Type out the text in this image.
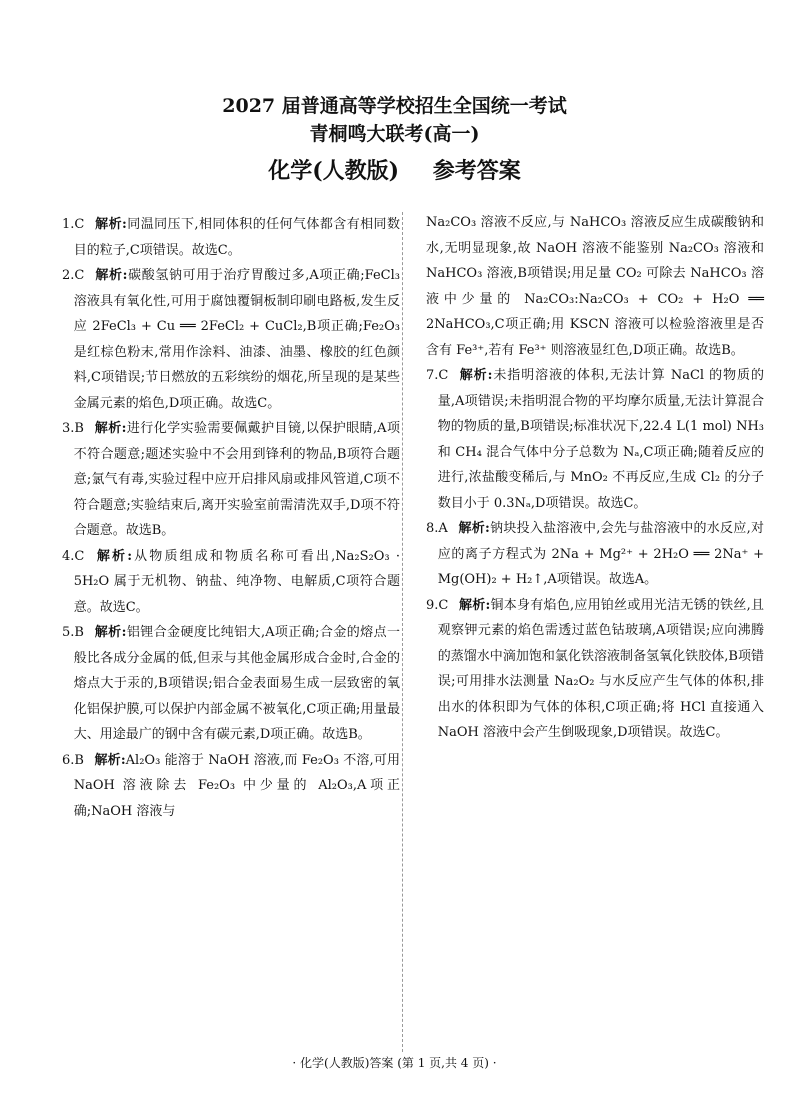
2027 届普通高等学校招生全国统一考试
青桐鸣大联考(高一)
化学(人教版) 参考答案

1.C 解析:同温同压下,相同体积的任何气体都含有相同数目的粒子,C项错误。故选C。

2.C 解析:碳酸氢钠可用于治疗胃酸过多,A项正确;FeCl₃ 溶液具有氧化性,可用于腐蚀覆铜板制印刷电路板,发生反应 2FeCl₃ + Cu ══ 2FeCl₂ + CuCl₂,B项正确;Fe₂O₃ 是红棕色粉末,常用作涂料、油漆、油墨、橡胶的红色颜料,C项错误;节日燃放的五彩缤纷的烟花,所呈现的是某些金属元素的焰色,D项正确。故选C。

3.B 解析:进行化学实验需要佩戴护目镜,以保护眼睛,A项不符合题意;题述实验中不会用到锋利的物品,B项符合题意;氯气有毒,实验过程中应开启排风扇或排风管道,C项不符合题意;实验结束后,离开实验室前需清洗双手,D项不符合题意。故选B。

4.C 解析:从物质组成和物质名称可看出,Na₂S₂O₃ · 5H₂O 属于无机物、钠盐、纯净物、电解质,C项符合题意。故选C。

5.B 解析:铝锂合金硬度比纯铝大,A项正确;合金的熔点一般比各成分金属的低,但汞与其他金属形成合金时,合金的熔点大于汞的,B项错误;铝合金表面易生成一层致密的氧化铝保护膜,可以保护内部金属不被氧化,C项正确;用量最大、用途最广的钢中含有碳元素,D项正确。故选B。

6.B 解析:Al₂O₃ 能溶于 NaOH 溶液,而 Fe₂O₃ 不溶,可用 NaOH 溶液除去 Fe₂O₃ 中少量的 Al₂O₃,A项正确;NaOH 溶液与

Na₂CO₃ 溶液不反应,与 NaHCO₃ 溶液反应生成碳酸钠和水,无明显现象,故 NaOH 溶液不能鉴别 Na₂CO₃ 溶液和 NaHCO₃ 溶液,B项错误;用足量 CO₂ 可除去 NaHCO₃ 溶液中少量的 Na₂CO₃:Na₂CO₃ + CO₂ + H₂O ══ 2NaHCO₃,C项正确;用 KSCN 溶液可以检验溶液里是否含有 Fe³⁺,若有 Fe³⁺ 则溶液显红色,D项正确。故选B。

7.C 解析:未指明溶液的体积,无法计算 NaCl 的物质的量,A项错误;未指明混合物的平均摩尔质量,无法计算混合物的物质的量,B项错误;标准状况下,22.4 L(1 mol) NH₃ 和 CH₄ 混合气体中分子总数为 Nₐ,C项正确;随着反应的进行,浓盐酸变稀后,与 MnO₂ 不再反应,生成 Cl₂ 的分子数目小于 0.3Nₐ,D项错误。故选C。

8.A 解析:钠块投入盐溶液中,会先与盐溶液中的水反应,对应的离子方程式为 2Na + Mg²⁺ + 2H₂O ══ 2Na⁺ + Mg(OH)₂ + H₂↑,A项错误。故选A。

9.C 解析:铜本身有焰色,应用铂丝或用光洁无锈的铁丝,且观察钾元素的焰色需透过蓝色钴玻璃,A项错误;应向沸腾的蒸馏水中滴加饱和氯化铁溶液制备氢氧化铁胶体,B项错误;可用排水法测量 Na₂O₂ 与水反应产生气体的体积,排出水的体积即为气体的体积,C项正确;将 HCl 直接通入 NaOH 溶液中会产生倒吸现象,D项错误。故选C。

· 化学(人教版)答案 (第 1 页,共 4 页) ·
